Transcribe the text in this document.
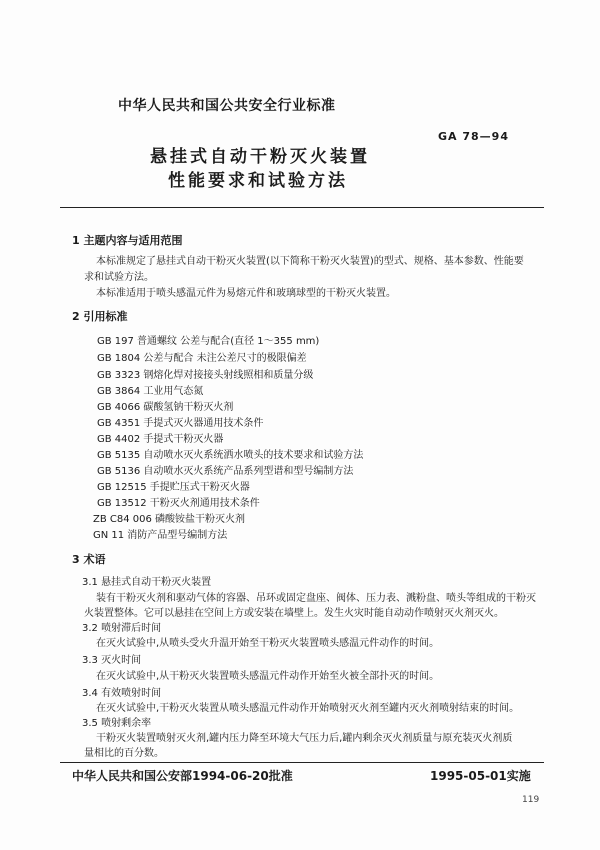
中华人民共和国公共安全行业标准
GA 78—94
悬挂式自动干粉灭火装置
性能要求和试验方法
1 主题内容与适用范围
本标准规定了悬挂式自动干粉灭火装置(以下简称干粉灭火装置)的型式、规格、基本参数、性能要
求和试验方法。
本标准适用于喷头感温元件为易熔元件和玻璃球型的干粉灭火装置。
2 引用标准
GB 197 普通螺纹 公差与配合(直径 1～355 mm)
GB 1804 公差与配合 未注公差尺寸的极限偏差
GB 3323 钢熔化焊对接接头射线照相和质量分级
GB 3864 工业用气态氮
GB 4066 碳酸氢钠干粉灭火剂
GB 4351 手提式灭火器通用技术条件
GB 4402 手提式干粉灭火器
GB 5135 自动喷水灭火系统洒水喷头的技术要求和试验方法
GB 5136 自动喷水灭火系统产品系列型谱和型号编制方法
GB 12515 手提贮压式干粉灭火器
GB 13512 干粉灭火剂通用技术条件
ZB C84 006 磷酸铵盐干粉灭火剂
GN 11 消防产品型号编制方法
3 术语
3.1 悬挂式自动干粉灭火装置
装有干粉灭火剂和驱动气体的容器、吊环或固定盘座、阀体、压力表、溅粉盘、喷头等组成的干粉灭
火装置整体。它可以悬挂在空间上方或安装在墙壁上。发生火灾时能自动动作喷射灭火剂灭火。
3.2 喷射滞后时间
在灭火试验中,从喷头受火升温开始至干粉灭火装置喷头感温元件动作的时间。
3.3 灭火时间
在灭火试验中,从干粉灭火装置喷头感温元件动作开始至火被全部扑灭的时间。
3.4 有效喷射时间
在灭火试验中,干粉灭火装置从喷头感温元件动作开始喷射灭火剂至罐内灭火剂喷射结束的时间。
3.5 喷射剩余率
干粉灭火装置喷射灭火剂,罐内压力降至环境大气压力后,罐内剩余灭火剂质量与原充装灭火剂质
量相比的百分数。
中华人民共和国公安部1994-06-20批准	1995-05-01实施
119
